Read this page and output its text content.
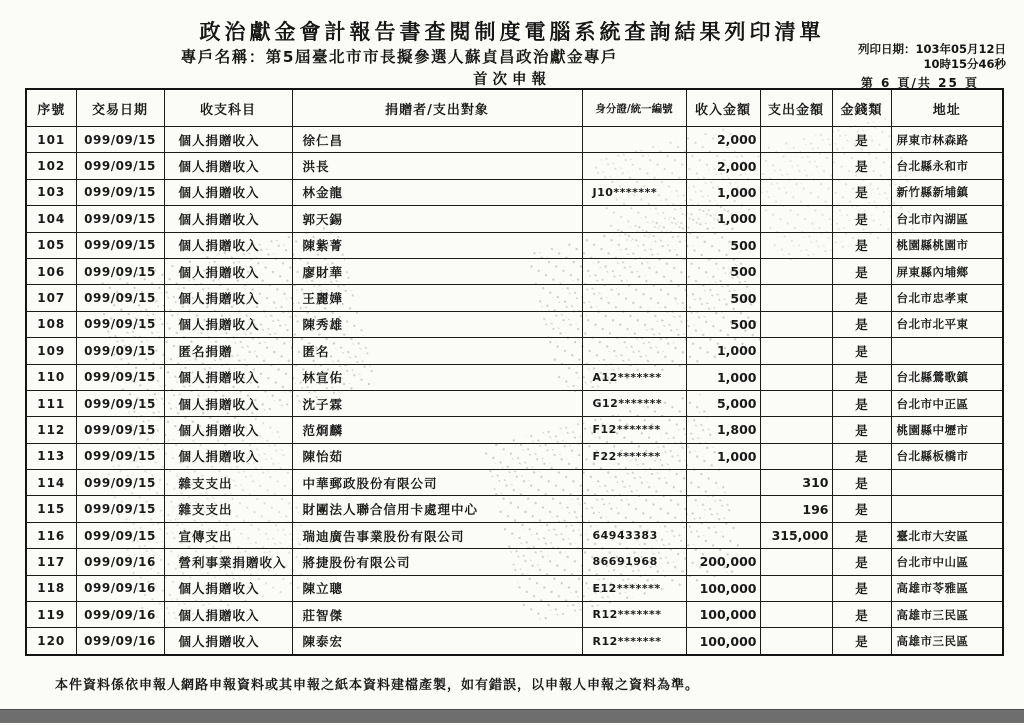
政治獻金會計報告書查閱制度電腦系統查詢結果列印清單
專戶名稱：第5屆臺北市市長擬參選人蘇貞昌政治獻金專戶
首次申報
列印日期：103年05月12日
10時15分46秒
第 6 頁/共 25 頁
序號	交易日期	收支科目	捐贈者/支出對象	身分證/統一編號	收入金額	支出金額	金錢類	地址
101	099/09/15	個人捐贈收入	徐仁昌		2,000		是	屏東市林森路
102	099/09/15	個人捐贈收入	洪長		2,000		是	台北縣永和市
103	099/09/15	個人捐贈收入	林金龍	J10*******	1,000		是	新竹縣新埔鎮
104	099/09/15	個人捐贈收入	郭天錫		1,000		是	台北市內湖區
105	099/09/15	個人捐贈收入	陳紫菁		500		是	桃園縣桃園市
106	099/09/15	個人捐贈收入	廖財華		500		是	屏東縣內埔鄉
107	099/09/15	個人捐贈收入	王麗嬅		500		是	台北市忠孝東
108	099/09/15	個人捐贈收入	陳秀雄		500		是	台北市北平東
109	099/09/15	匿名捐贈	匿名		1,000		是	
110	099/09/15	個人捐贈收入	林宣佑	A12*******	1,000		是	台北縣鶯歌鎮
111	099/09/15	個人捐贈收入	沈子霖	G12*******	5,000		是	台北市中正區
112	099/09/15	個人捐贈收入	范烱麟	F12*******	1,800		是	桃園縣中壢市
113	099/09/15	個人捐贈收入	陳怡茹	F22*******	1,000		是	台北縣板橋市
114	099/09/15	雜支支出	中華郵政股份有限公司			310	是	
115	099/09/15	雜支支出	財團法人聯合信用卡處理中心			196	是	
116	099/09/15	宣傳支出	瑞迪廣告事業股份有限公司	64943383		315,000	是	臺北市大安區
117	099/09/16	營利事業捐贈收入	將捷股份有限公司	86691968	200,000		是	台北市中山區
118	099/09/16	個人捐贈收入	陳立聰	E12*******	100,000		是	高雄市苓雅區
119	099/09/16	個人捐贈收入	莊智傑	R12*******	100,000		是	高雄市三民區
120	099/09/16	個人捐贈收入	陳泰宏	R12*******	100,000		是	高雄市三民區
本件資料係依申報人網路申報資料或其申報之紙本資料建檔產製，如有錯誤，以申報人申報之資料為準。
